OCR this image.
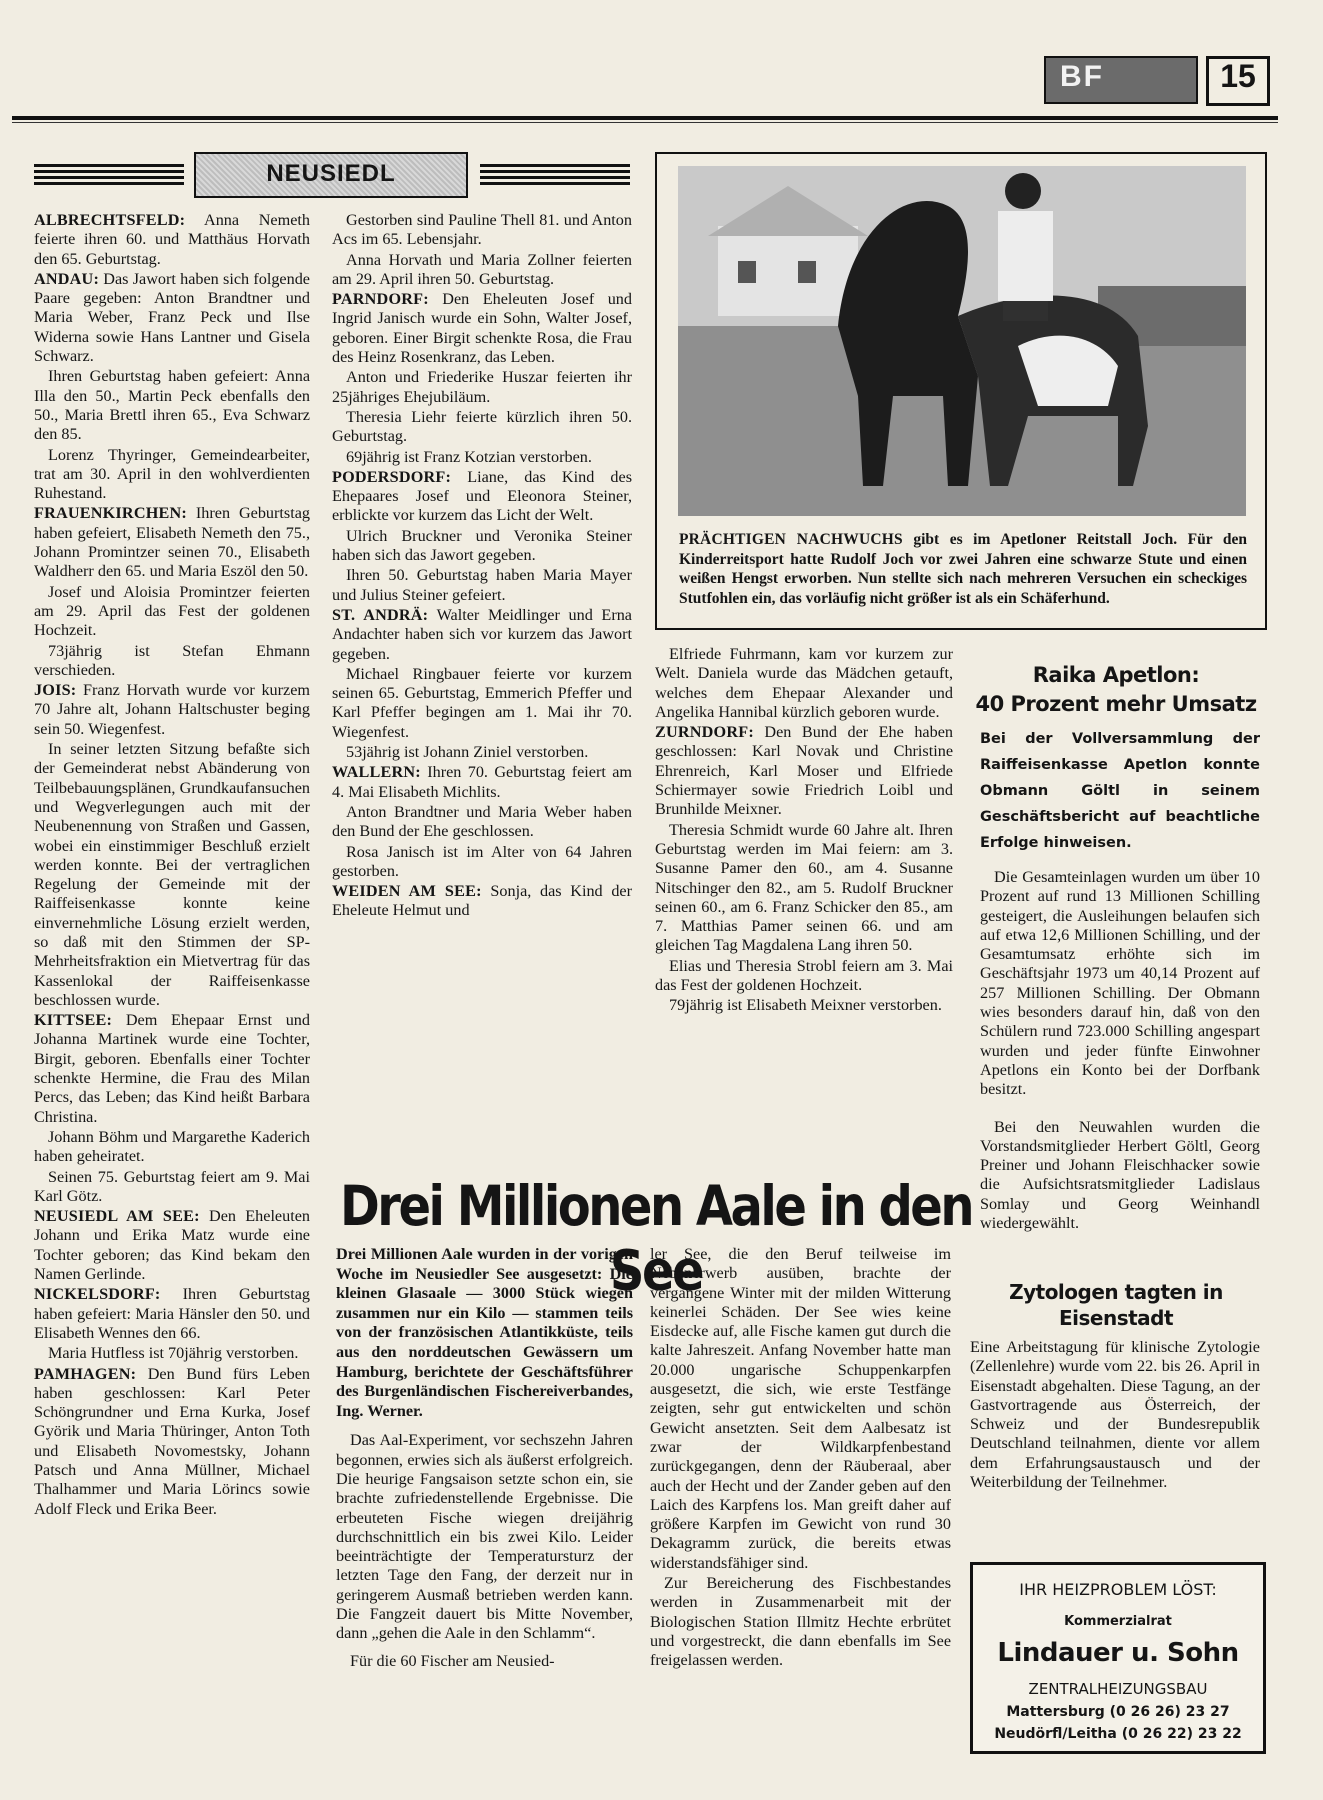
BF	15
NEUSIEDL

ALBRECHTSFELD: Anna Nemeth feierte ihren 60. und Matthäus Horvath den 65. Geburtstag.

ANDAU: Das Jawort haben sich folgende Paare gegeben: Anton Brandtner und Maria Weber, Franz Peck und Ilse Widerna sowie Hans Lantner und Gisela Schwarz.

Ihren Geburtstag haben gefeiert: Anna Illa den 50., Martin Peck ebenfalls den 50., Maria Brettl ihren 65., Eva Schwarz den 85.

Lorenz Thyringer, Gemeindearbeiter, trat am 30. April in den wohlverdienten Ruhestand.

FRAUENKIRCHEN: Ihren Geburtstag haben gefeiert, Elisabeth Nemeth den 75., Johann Promintzer seinen 70., Elisabeth Waldherr den 65. und Maria Eszöl den 50.

Josef und Aloisia Promintzer feierten am 29. April das Fest der goldenen Hochzeit.

73jährig ist Stefan Ehmann verschieden.

JOIS: Franz Horvath wurde vor kurzem 70 Jahre alt, Johann Haltschuster beging sein 50. Wiegenfest.

In seiner letzten Sitzung befaßte sich der Gemeinderat nebst Abänderung von Teilbebauungsplänen, Grundkaufansuchen und Wegverlegungen auch mit der Neubenennung von Straßen und Gassen, wobei ein einstimmiger Beschluß erzielt werden konnte. Bei der vertraglichen Regelung der Gemeinde mit der Raiffeisenkasse konnte keine einvernehmliche Lösung erzielt werden, so daß mit den Stimmen der SP-Mehrheitsfraktion ein Mietvertrag für das Kassenlokal der Raiffeisenkasse beschlossen wurde.

KITTSEE: Dem Ehepaar Ernst und Johanna Martinek wurde eine Tochter, Birgit, geboren. Ebenfalls einer Tochter schenkte Hermine, die Frau des Milan Percs, das Leben; das Kind heißt Barbara Christina.

Johann Böhm und Margarethe Kaderich haben geheiratet.

Seinen 75. Geburtstag feiert am 9. Mai Karl Götz.

NEUSIEDL AM SEE: Den Eheleuten Johann und Erika Matz wurde eine Tochter geboren; das Kind bekam den Namen Gerlinde.

NICKELSDORF: Ihren Geburtstag haben gefeiert: Maria Hänsler den 50. und Elisabeth Wennes den 66.

Maria Hutfless ist 70jährig verstorben.

PAMHAGEN: Den Bund fürs Leben haben geschlossen: Karl Peter Schöngrundner und Erna Kurka, Josef Györik und Maria Thüringer, Anton Toth und Elisabeth Novomestsky, Johann Patsch und Anna Müllner, Michael Thalhammer und Maria Lörincs sowie Adolf Fleck und Erika Beer.

Gestorben sind Pauline Thell 81. und Anton Acs im 65. Lebensjahr.

Anna Horvath und Maria Zollner feierten am 29. April ihren 50. Geburtstag.

PARNDORF: Den Eheleuten Josef und Ingrid Janisch wurde ein Sohn, Walter Josef, geboren. Einer Birgit schenkte Rosa, die Frau des Heinz Rosenkranz, das Leben.

Anton und Friederike Huszar feierten ihr 25jähriges Ehejubiläum.

Theresia Liehr feierte kürzlich ihren 50. Geburtstag.

69jährig ist Franz Kotzian verstorben.

PODERSDORF: Liane, das Kind des Ehepaares Josef und Eleonora Steiner, erblickte vor kurzem das Licht der Welt.

Ulrich Bruckner und Veronika Steiner haben sich das Jawort gegeben.

Ihren 50. Geburtstag haben Maria Mayer und Julius Steiner gefeiert.

ST. ANDRÄ: Walter Meidlinger und Erna Andachter haben sich vor kurzem das Jawort gegeben.

Michael Ringbauer feierte vor kurzem seinen 65. Geburtstag, Emmerich Pfeffer und Karl Pfeffer begingen am 1. Mai ihr 70. Wiegenfest.

53jährig ist Johann Ziniel verstorben.

WALLERN: Ihren 70. Geburtstag feiert am 4. Mai Elisabeth Michlits.

Anton Brandtner und Maria Weber haben den Bund der Ehe geschlossen.

Rosa Janisch ist im Alter von 64 Jahren gestorben.

WEIDEN AM SEE: Sonja, das Kind der Eheleute Helmut und

Elfriede Fuhrmann, kam vor kurzem zur Welt. Daniela wurde das Mädchen getauft, welches dem Ehepaar Alexander und Angelika Hannibal kürzlich geboren wurde.

ZURNDORF: Den Bund der Ehe haben geschlossen: Karl Novak und Christine Ehrenreich, Karl Moser und Elfriede Schiermayer sowie Friedrich Loibl und Brunhilde Meixner.

Theresia Schmidt wurde 60 Jahre alt. Ihren Geburtstag werden im Mai feiern: am 3. Susanne Pamer den 60., am 4. Susanne Nitschinger den 82., am 5. Rudolf Bruckner seinen 60., am 6. Franz Schicker den 85., am 7. Matthias Pamer seinen 66. und am gleichen Tag Magdalena Lang ihren 50.

Elias und Theresia Strobl feiern am 3. Mai das Fest der goldenen Hochzeit.

79jährig ist Elisabeth Meixner verstorben.

PRÄCHTIGEN NACHWUCHS gibt es im Apetloner Reitstall Joch. Für den Kinderreitsport hatte Rudolf Joch vor zwei Jahren eine schwarze Stute und einen weißen Hengst erworben. Nun stellte sich nach mehreren Versuchen ein scheckiges Stutfohlen ein, das vorläufig nicht größer ist als ein Schäferhund.
Drei Millionen Aale in den See

Drei Millionen Aale wurden in der vorigen Woche im Neusiedler See ausgesetzt: Die kleinen Glasaale — 3000 Stück wiegen zusammen nur ein Kilo — stammen teils von der französischen Atlantikküste, teils aus den norddeutschen Gewässern um Hamburg, berichtete der Geschäftsführer des Burgenländischen Fischereiverbandes, Ing. Werner.

Das Aal-Experiment, vor sechszehn Jahren begonnen, erwies sich als äußerst erfolgreich. Die heurige Fangsaison setzte schon ein, sie brachte zufriedenstellende Ergebnisse. Die erbeuteten Fische wiegen dreijährig durchschnittlich ein bis zwei Kilo. Leider beeinträchtigte der Temperatursturz der letzten Tage den Fang, der derzeit nur in geringerem Ausmaß betrieben werden kann. Die Fangzeit dauert bis Mitte November, dann „gehen die Aale in den Schlamm“.

Für die 60 Fischer am Neusied-

ler See, die den Beruf teilweise im Nebenerwerb ausüben, brachte der vergangene Winter mit der milden Witterung keinerlei Schäden. Der See wies keine Eisdecke auf, alle Fische kamen gut durch die kalte Jahreszeit. Anfang November hatte man 20.000 ungarische Schuppenkarpfen ausgesetzt, die sich, wie erste Testfänge zeigten, sehr gut entwickelten und schön Gewicht ansetzten. Seit dem Aalbesatz ist zwar der Wildkarpfenbestand zurückgegangen, denn der Räuberaal, aber auch der Hecht und der Zander geben auf den Laich des Karpfens los. Man greift daher auf größere Karpfen im Gewicht von rund 30 Dekagramm zurück, die bereits etwas widerstandsfähiger sind.

Zur Bereicherung des Fischbestandes werden in Zusammenarbeit mit der Biologischen Station Illmitz Hechte erbrütet und vorgestreckt, die dann ebenfalls im See freigelassen werden.

Raika Apetlon:
40 Prozent mehr Umsatz

Bei der Vollversammlung der Raiffeisenkasse Apetlon konnte Obmann Göltl in seinem Geschäftsbericht auf beachtliche Erfolge hinweisen.

Die Gesamteinlagen wurden um über 10 Prozent auf rund 13 Millionen Schilling gesteigert, die Ausleihungen belaufen sich auf etwa 12,6 Millionen Schilling, und der Gesamtumsatz erhöhte sich im Geschäftsjahr 1973 um 40,14 Prozent auf 257 Millionen Schilling. Der Obmann wies besonders darauf hin, daß von den Schülern rund 723.000 Schilling angespart wurden und jeder fünfte Einwohner Apetlons ein Konto bei der Dorfbank besitzt.

Bei den Neuwahlen wurden die Vorstandsmitglieder Herbert Göltl, Georg Preiner und Johann Fleischhacker sowie die Aufsichtsratsmitglieder Ladislaus Somlay und Georg Weinhandl wiedergewählt.

Zytologen tagten in
Eisenstadt

Eine Arbeitstagung für klinische Zytologie (Zellenlehre) wurde vom 22. bis 26. April in Eisenstadt abgehalten. Diese Tagung, an der Gastvortragende aus Österreich, der Schweiz und der Bundesrepublik Deutschland teilnahmen, diente vor allem dem Erfahrungsaustausch und der Weiterbildung der Teilnehmer.

IHR HEIZPROBLEM LÖST:
Kommerzialrat
Lindauer u. Sohn
ZENTRALHEIZUNGSBAU
Mattersburg (0 26 26) 23 27
Neudörfl/Leitha (0 26 22) 23 22
